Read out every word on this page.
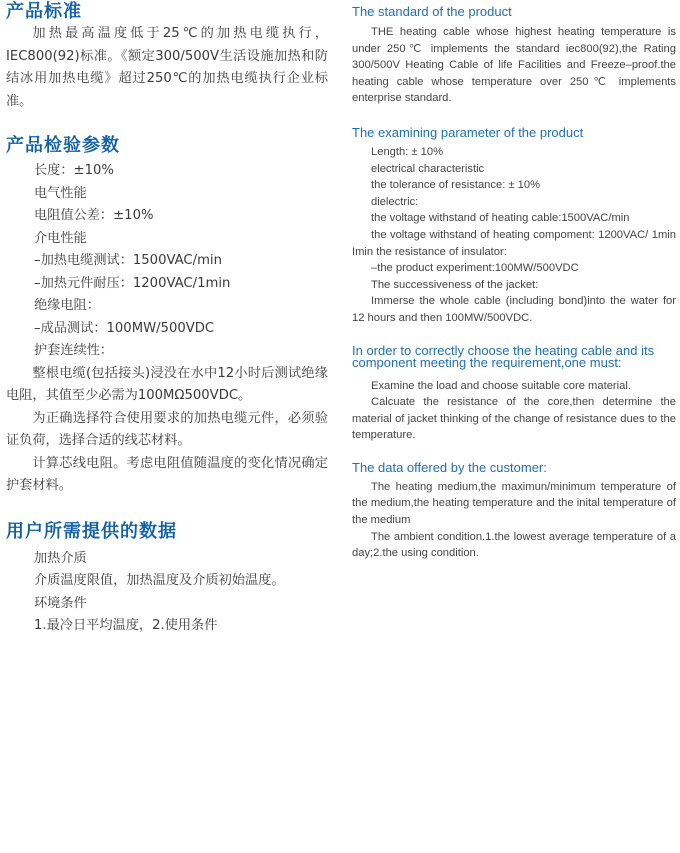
产品标准

加热最高温度低于25℃的加热电缆执行，IEC800(92)标准。《额定300/500V生活设施加热和防结冰用加热电缆》超过250℃的加热电缆执行企业标准。

产品检验参数

长度：±10%

电气性能

电阻值公差：±10%

介电性能

–加热电缆测试：1500VAC/min

–加热元件耐压：1200VAC/1min

绝缘电阻：

–成品测试：100MW/500VDC

护套连续性：

整根电缆(包括接头)浸没在水中12小时后测试绝缘电阻，其值至少必需为100MΩ500VDC。

为正确选择符合使用要求的加热电缆元件，必须验证负荷，选择合适的线芯材料。

计算芯线电阻。考虑电阻值随温度的变化情况确定护套材料。

用户所需提供的数据

加热介质

介质温度限值，加热温度及介质初始温度。

环境条件

1.最冷日平均温度，2.使用条件

The standard of the product

THE heating cable whose highest heating temperature is under 250℃ implements the standard iec800(92),the Rating 300/500V Heating Cable of life Facilities and Freeze–proof.the heating cable whose temperature over 250℃ implements enterprise standard.

The examining parameter of the product

Length: ± 10%

electrical characteristic

the tolerance of resistance: ± 10%

dielectric:

the voltage withstand of heating cable:1500VAC/min

the voltage withstand of heating compoment: 1200VAC/ 1min Imin the resistance of insulator:

–the product experiment:100MW/500VDC

The successiveness of the jacket:

Immerse the whole cable (including bond)into the water for 12 hours and then 100MW/500VDC.

In order to correctly choose the heating cable and its
component meeting the requirement,one must:

Examine the load and choose suitable core material.

Calcuate the resistance of the core,then determine the material of jacket thinking of the change of resistance dues to the temperature.

The data offered by the customer:

The heating medium,the maximun/minimum temperature of the medium,the heating temperature and the inital temperature of the medium

The ambient condition.1.the lowest average temperature of a day;2.the using condition.
